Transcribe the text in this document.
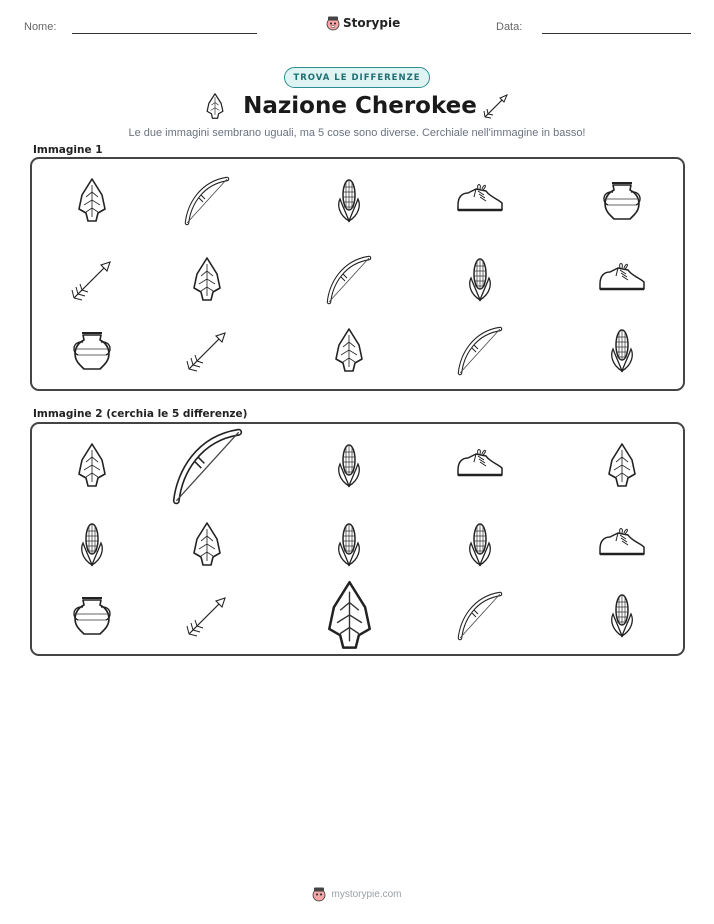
Nome:	Storypie	Data:
TROVA LE DIFFERENZE
Nazione Cherokee
Le due immagini sembrano uguali, ma 5 cose sono diverse. Cerchiale nell'immagine in basso!
Immagine 1
Immagine 2 (cerchia le 5 differenze)
mystorypie.com
